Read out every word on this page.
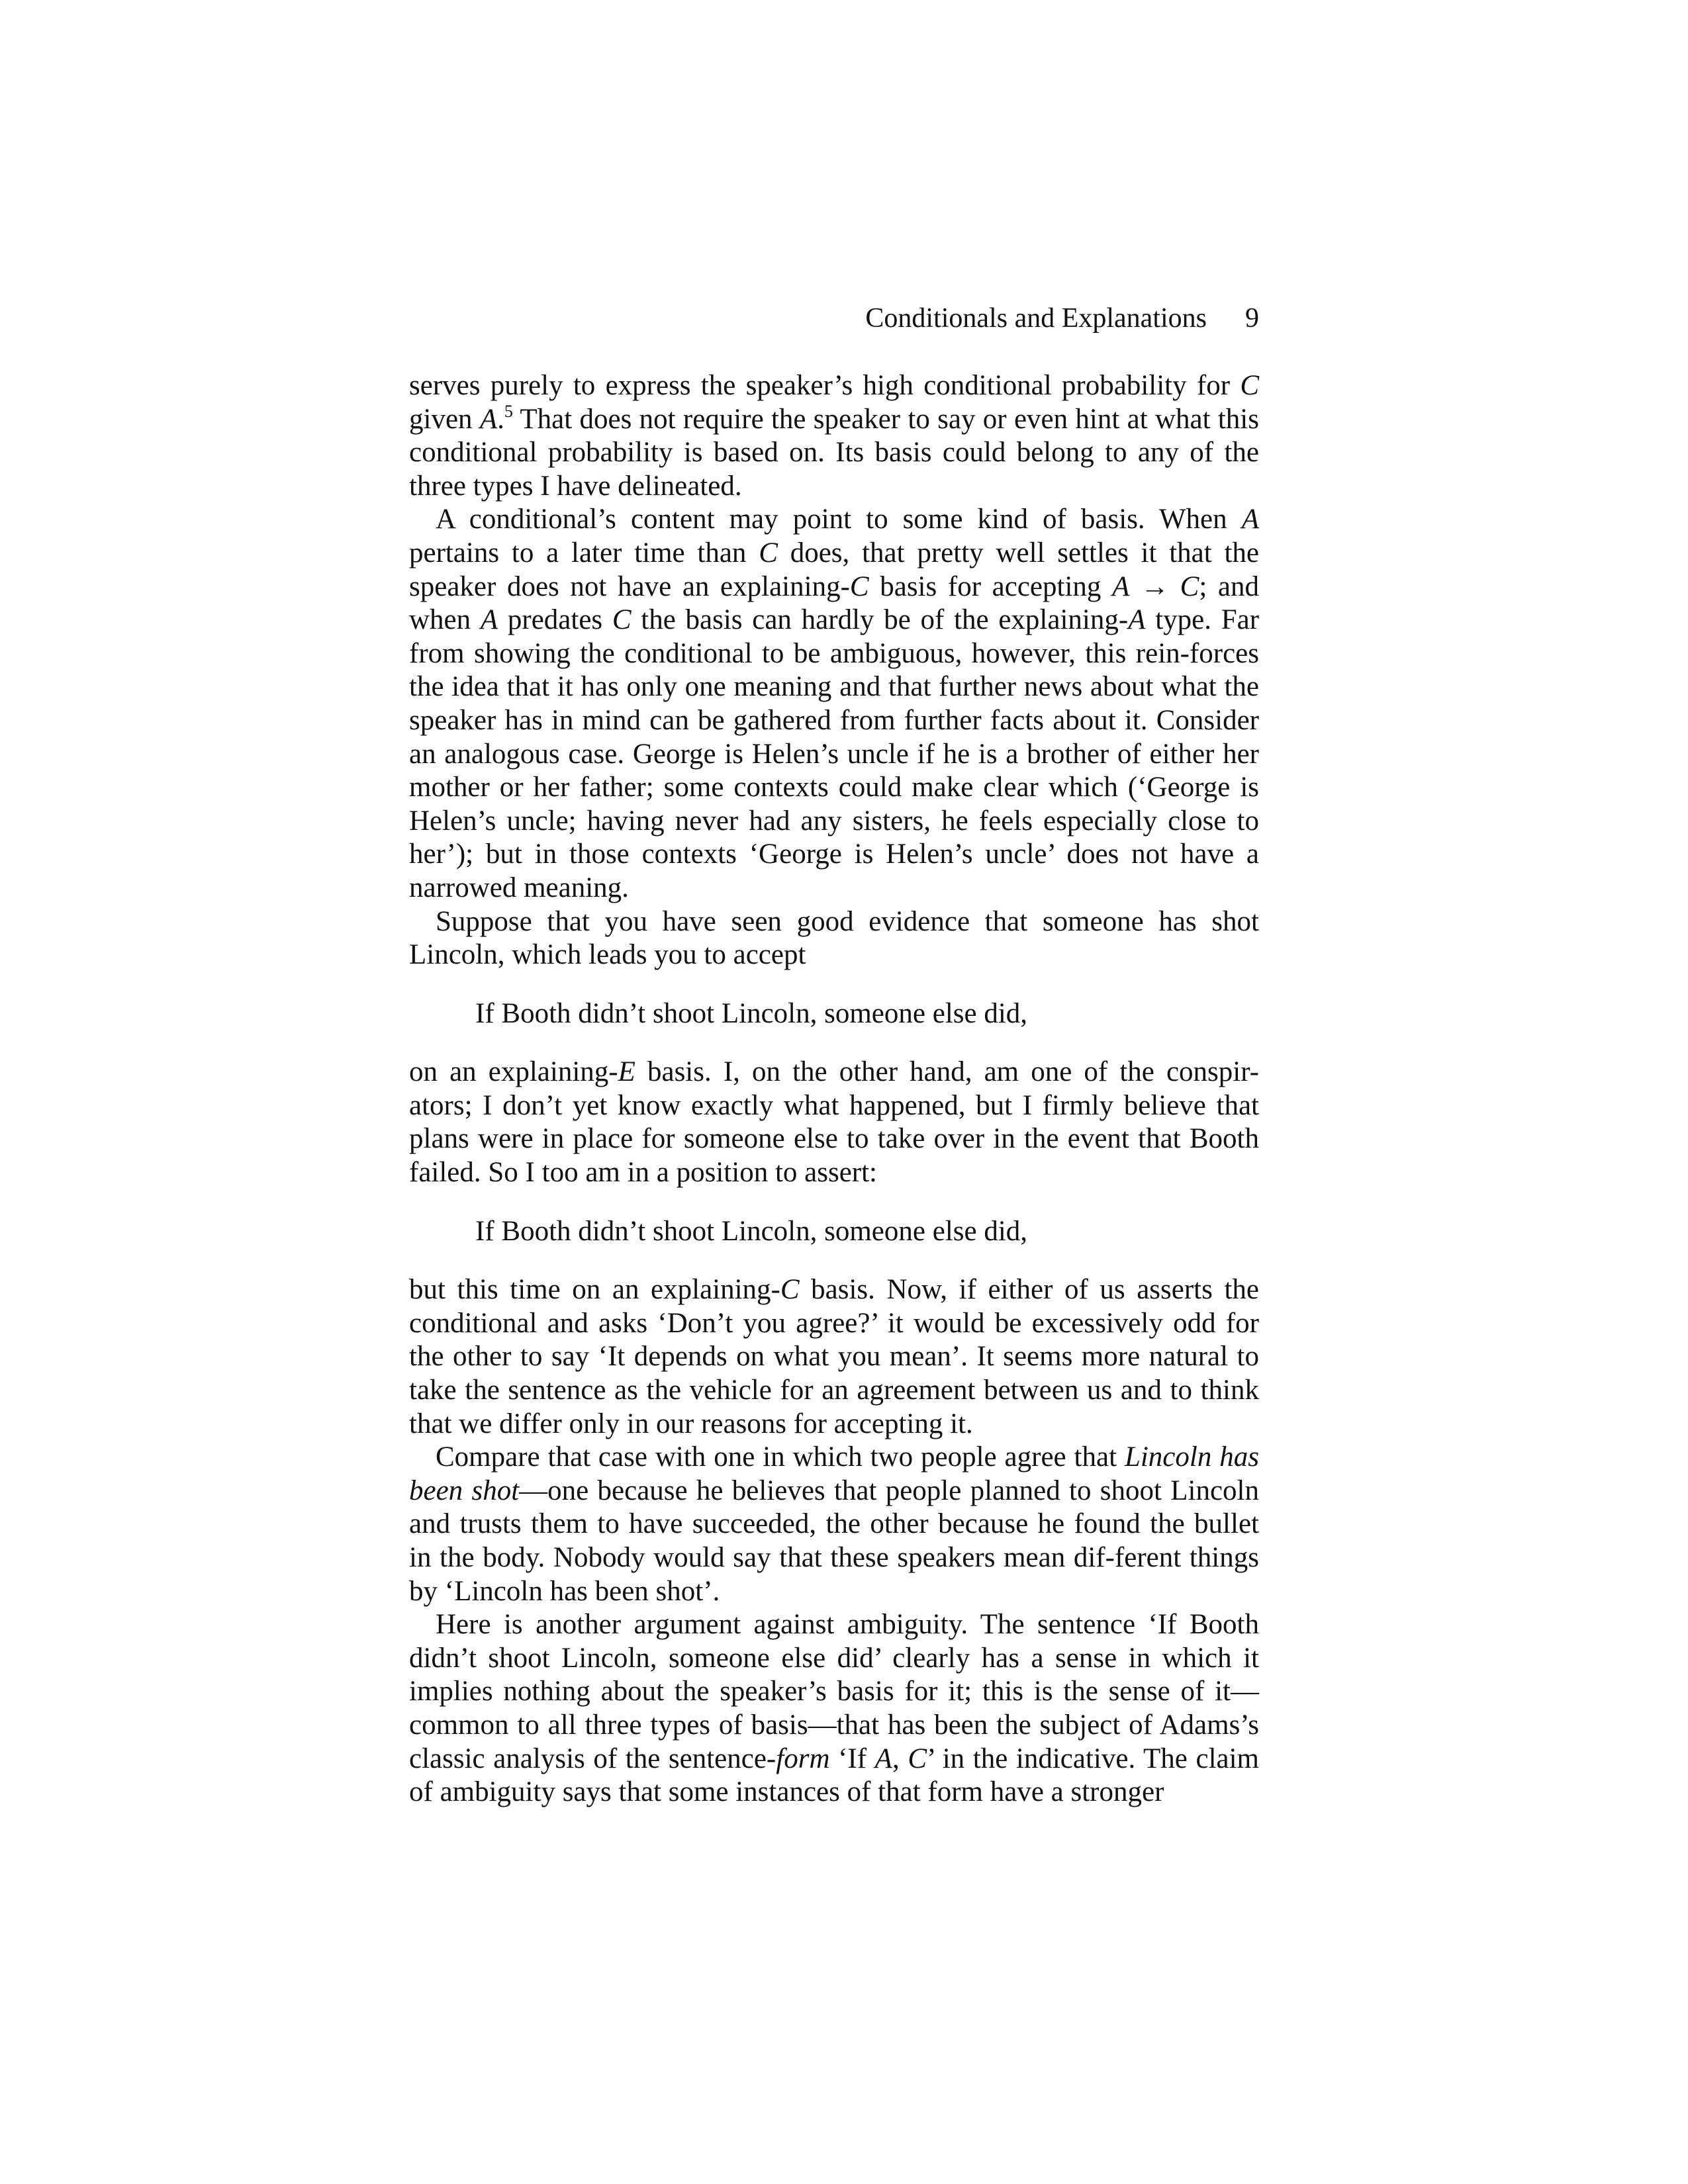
Conditionals and Explanations 9

serves purely to express the speaker’s high conditional probability for C given A.$^5$ That does not require the speaker to say or even hint at what this conditional probability is based on. Its basis could belong to any of the three types I have delineated.

A conditional’s content may point to some kind of basis. When A pertains to a later time than C does, that pretty well settles it that the speaker does not have an explaining-C basis for accepting A → C; and when A predates C the basis can hardly be of the explaining-A type. Far from showing the conditional to be ambiguous, however, this rein-forces the idea that it has only one meaning and that further news about what the speaker has in mind can be gathered from further facts about it. Consider an analogous case. George is Helen’s uncle if he is a brother of either her mother or her father; some contexts could make clear which (‘George is Helen’s uncle; having never had any sisters, he feels especially close to her’); but in those contexts ‘George is Helen’s uncle’ does not have a narrowed meaning.

Suppose that you have seen good evidence that someone has shot Lincoln, which leads you to accept

If Booth didn’t shoot Lincoln, someone else did,

on an explaining-E basis. I, on the other hand, am one of the conspir-ators; I don’t yet know exactly what happened, but I firmly believe that plans were in place for someone else to take over in the event that Booth failed. So I too am in a position to assert:

If Booth didn’t shoot Lincoln, someone else did,

but this time on an explaining-C basis. Now, if either of us asserts the conditional and asks ‘Don’t you agree?’ it would be excessively odd for the other to say ‘It depends on what you mean’. It seems more natural to take the sentence as the vehicle for an agreement between us and to think that we differ only in our reasons for accepting it.

Compare that case with one in which two people agree that Lincoln has been shot—one because he believes that people planned to shoot Lincoln and trusts them to have succeeded, the other because he found the bullet in the body. Nobody would say that these speakers mean dif-ferent things by ‘Lincoln has been shot’.

Here is another argument against ambiguity. The sentence ‘If Booth didn’t shoot Lincoln, someone else did’ clearly has a sense in which it implies nothing about the speaker’s basis for it; this is the sense of it—common to all three types of basis—that has been the subject of Adams’s classic analysis of the sentence-form ‘If A, C’ in the indicative. The claim of ambiguity says that some instances of that form have a stronger
